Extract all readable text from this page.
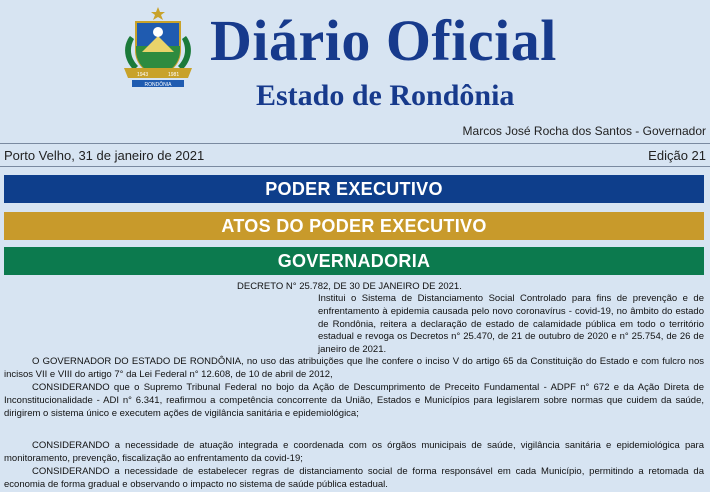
1943	1981
RONDÔNIA
Diário Oficial
Estado de Rondônia
Marcos José Rocha dos Santos - Governador
Porto Velho, 31 de janeiro de 2021	Edição 21
PODER EXECUTIVO
ATOS DO PODER EXECUTIVO
GOVERNADORIA
DECRETO N° 25.782, DE 30 DE JANEIRO DE 2021.
Institui o Sistema de Distanciamento Social Controlado para fins de prevenção e de enfrentamento à epidemia causada pelo novo coronavírus - covid-19, no âmbito do estado de Rondônia, reitera a declaração de estado de calamidade pública em todo o território estadual e revoga os Decretos n° 25.470, de 21 de outubro de 2020 e n° 25.754, de 26 de janeiro de 2021.
O GOVERNADOR DO ESTADO DE RONDÔNIA, no uso das atribuições que lhe confere o inciso V do artigo 65 da Constituição do Estado e com fulcro nos incisos VII e VIII do artigo 7° da Lei Federal n° 12.608, de 10 de abril de 2012,
CONSIDERANDO que o Supremo Tribunal Federal no bojo da Ação de Descumprimento de Preceito Fundamental - ADPF n° 672 e da Ação Direta de Inconstitucionalidade - ADI n° 6.341, reafirmou a competência concorrente da União, Estados e Municípios para legislarem sobre normas que cuidem da saúde, dirigirem o sistema único e executem ações de vigilância sanitária e epidemiológica;
CONSIDERANDO a necessidade de atuação integrada e coordenada com os órgãos municipais de saúde, vigilância sanitária e epidemiológica para monitoramento, prevenção, fiscalização ao enfrentamento da covid-19;
CONSIDERANDO a necessidade de estabelecer regras de distanciamento social de forma responsável em cada Município, permitindo a retomada da economia de forma gradual e observando o impacto no sistema de saúde pública estadual.
